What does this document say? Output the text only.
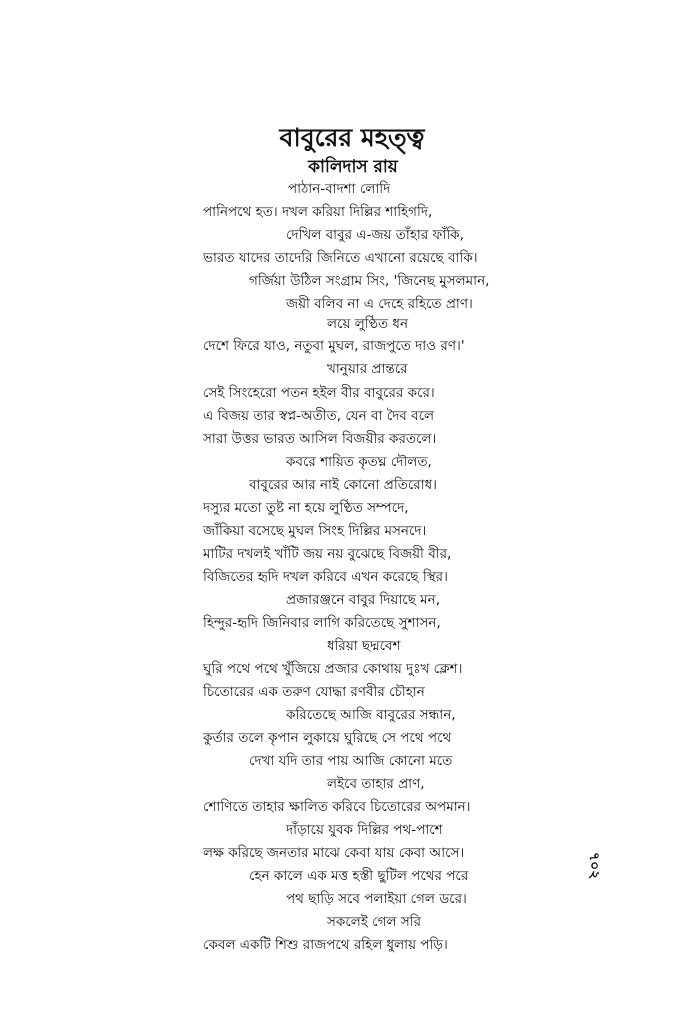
বাবুরের মহত্ত্ব
কালিদাস রায়
পাঠান-বাদশা লোদি
পানিপথে হত। দখল করিয়া দিল্লির শাহিগদি,
দেখিল বাবুর এ-জয় তাঁহার ফাঁকি,
ভারত যাদের তাদেরি জিনিতে এখানো রয়েছে বাকি।
গর্জিয়া উঠিল সংগ্রাম সিং, 'জিনেছ মুসলমান,
জয়ী বলিব না এ দেহে রহিতে প্রাণ।
লয়ে লুণ্ঠিত ধন
দেশে ফিরে যাও, নতুবা মুঘল, রাজপুতে দাও রণ।'
খানুয়ার প্রান্তরে
সেই সিংহেরো পতন হইল বীর বাবুরের করে।
এ বিজয় তার স্বপ্ন-অতীত, যেন বা দৈব বলে
সারা উত্তর ভারত আসিল বিজয়ীর করতলে।
কবরে শায়িত কৃতঘ্ন দৌলত,
বাবুরের আর নাই কোনো প্রতিরোধ।
দস্যুর মতো তুষ্ট না হয়ে লুণ্ঠিত সম্পদে,
জাঁকিয়া বসেছে মুঘল সিংহ দিল্লির মসনদে।
মাটির দখলই খাঁটি জয় নয় বুঝেছে বিজয়ী বীর,
বিজিতের হৃদি দখল করিবে এখন করেছে স্থির।
প্রজারঞ্জনে বাবুর দিয়াছে মন,
হিন্দুর-হৃদি জিনিবার লাগি করিতেছে সুশাসন,
ধরিয়া ছদ্মবেশ
ঘুরি পথে পথে খুঁজিয়ে প্রজার কোথায় দুঃখ ক্লেশ।
চিতোরের এক তরুণ যোদ্ধা রণবীর চৌহান
করিতেছে আজি বাবুরের সন্ধান,
কুর্তার তলে কৃপান লুকায়ে ঘুরিছে সে পথে পথে
দেখা যদি তার পায় আজি কোনো মতে
লইবে তাহার প্রাণ,
শোণিতে তাহার ক্ষালিত করিবে চিতোরের অপমান।
দাঁড়ায়ে যুবক দিল্লির পথ-পাশে
লক্ষ করিছে জনতার মাঝে কেবা যায় কেবা আসে।
হেন কালে এক মত্ত হস্তী ছুটিল পথের পরে
পথ ছাড়ি সবে পলাইয়া গেল ডরে।
সকলেই গেল সরি
কেবল একটি শিশু রাজপথে রহিল ধুলায় পড়ি।
৭০২
